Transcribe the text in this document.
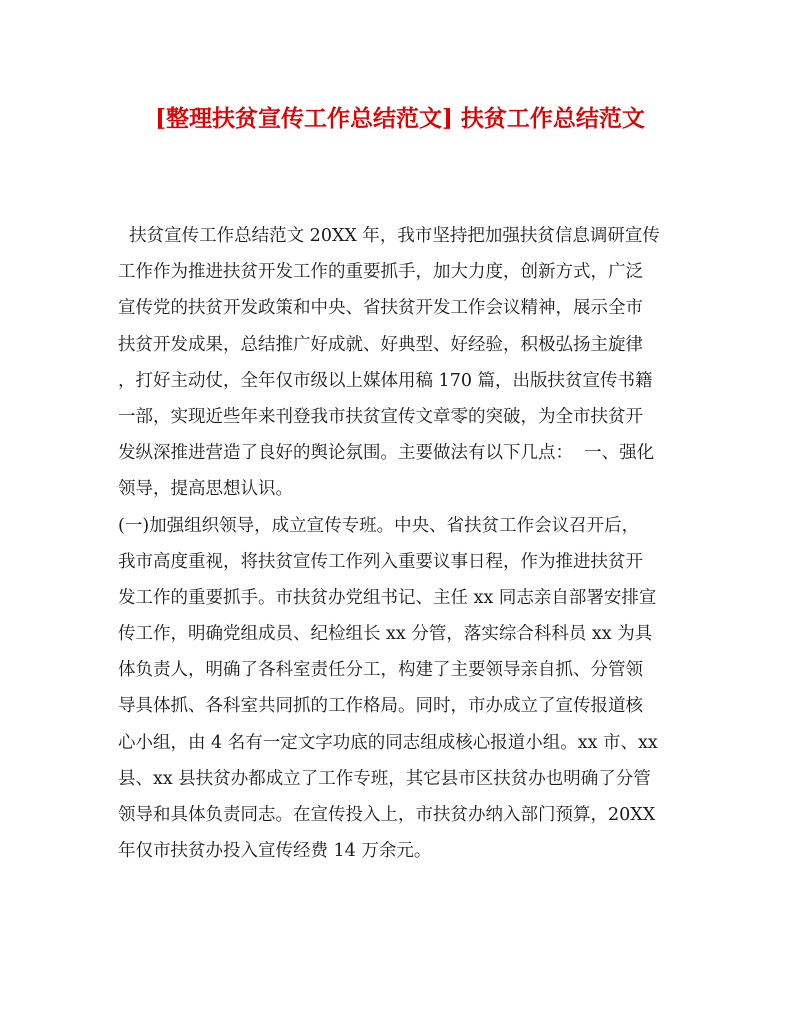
[整理扶贫宣传工作总结范文] 扶贫工作总结范文
扶贫宣传工作总结范文 20XX 年，我市坚持把加强扶贫信息调研宣传
工作作为推进扶贫开发工作的重要抓手，加大力度，创新方式，广泛
宣传党的扶贫开发政策和中央、省扶贫开发工作会议精神，展示全市
扶贫开发成果，总结推广好成就、好典型、好经验，积极弘扬主旋律
，打好主动仗，全年仅市级以上媒体用稿 170 篇，出版扶贫宣传书籍
一部，实现近些年来刊登我市扶贫宣传文章零的突破，为全市扶贫开
发纵深推进营造了良好的舆论氛围。主要做法有以下几点：  一、强化
领导，提高思想认识。
(一)加强组织领导，成立宣传专班。中央、省扶贫工作会议召开后，
我市高度重视，将扶贫宣传工作列入重要议事日程，作为推进扶贫开
发工作的重要抓手。市扶贫办党组书记、主任 xx 同志亲自部署安排宣
传工作，明确党组成员、纪检组长 xx 分管，落实综合科科员 xx 为具
体负责人，明确了各科室责任分工，构建了主要领导亲自抓、分管领
导具体抓、各科室共同抓的工作格局。同时，市办成立了宣传报道核
心小组，由 4 名有一定文字功底的同志组成核心报道小组。xx 市、xx
县、xx 县扶贫办都成立了工作专班，其它县市区扶贫办也明确了分管
领导和具体负责同志。在宣传投入上，市扶贫办纳入部门预算，20XX
年仅市扶贫办投入宣传经费 14 万余元。
